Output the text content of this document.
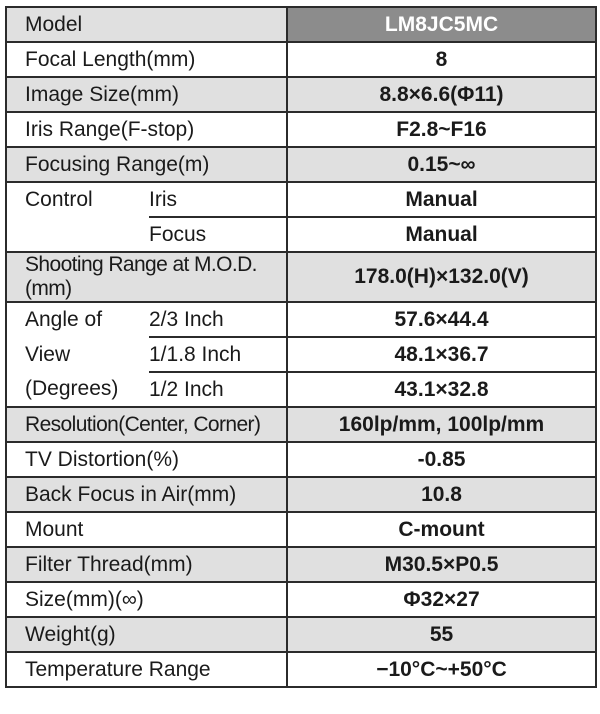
Model		LM8JC5MC
Focal Length(mm)		8
Image Size(mm)		8.8×6.6(Φ11)
Iris Range(F-stop)		F2.8~F16
Focusing Range(m)		0.15~∞
Control	Iris	Manual
	Focus	Manual
Shooting Range at M.O.D.(mm)		178.0(H)×132.0(V)
Angle of	2/3 Inch	57.6×44.4
View	1/1.8 Inch	48.1×36.7
(Degrees)	1/2 Inch	43.1×32.8
Resolution(Center, Corner)		160lp/mm, 100lp/mm
TV Distortion(%)		-0.85
Back Focus in Air(mm)		10.8
Mount		C-mount
Filter Thread(mm)		M30.5×P0.5
Size(mm)(∞)		Φ32×27
Weight(g)		55
Temperature Range		−10°C~+50°C
